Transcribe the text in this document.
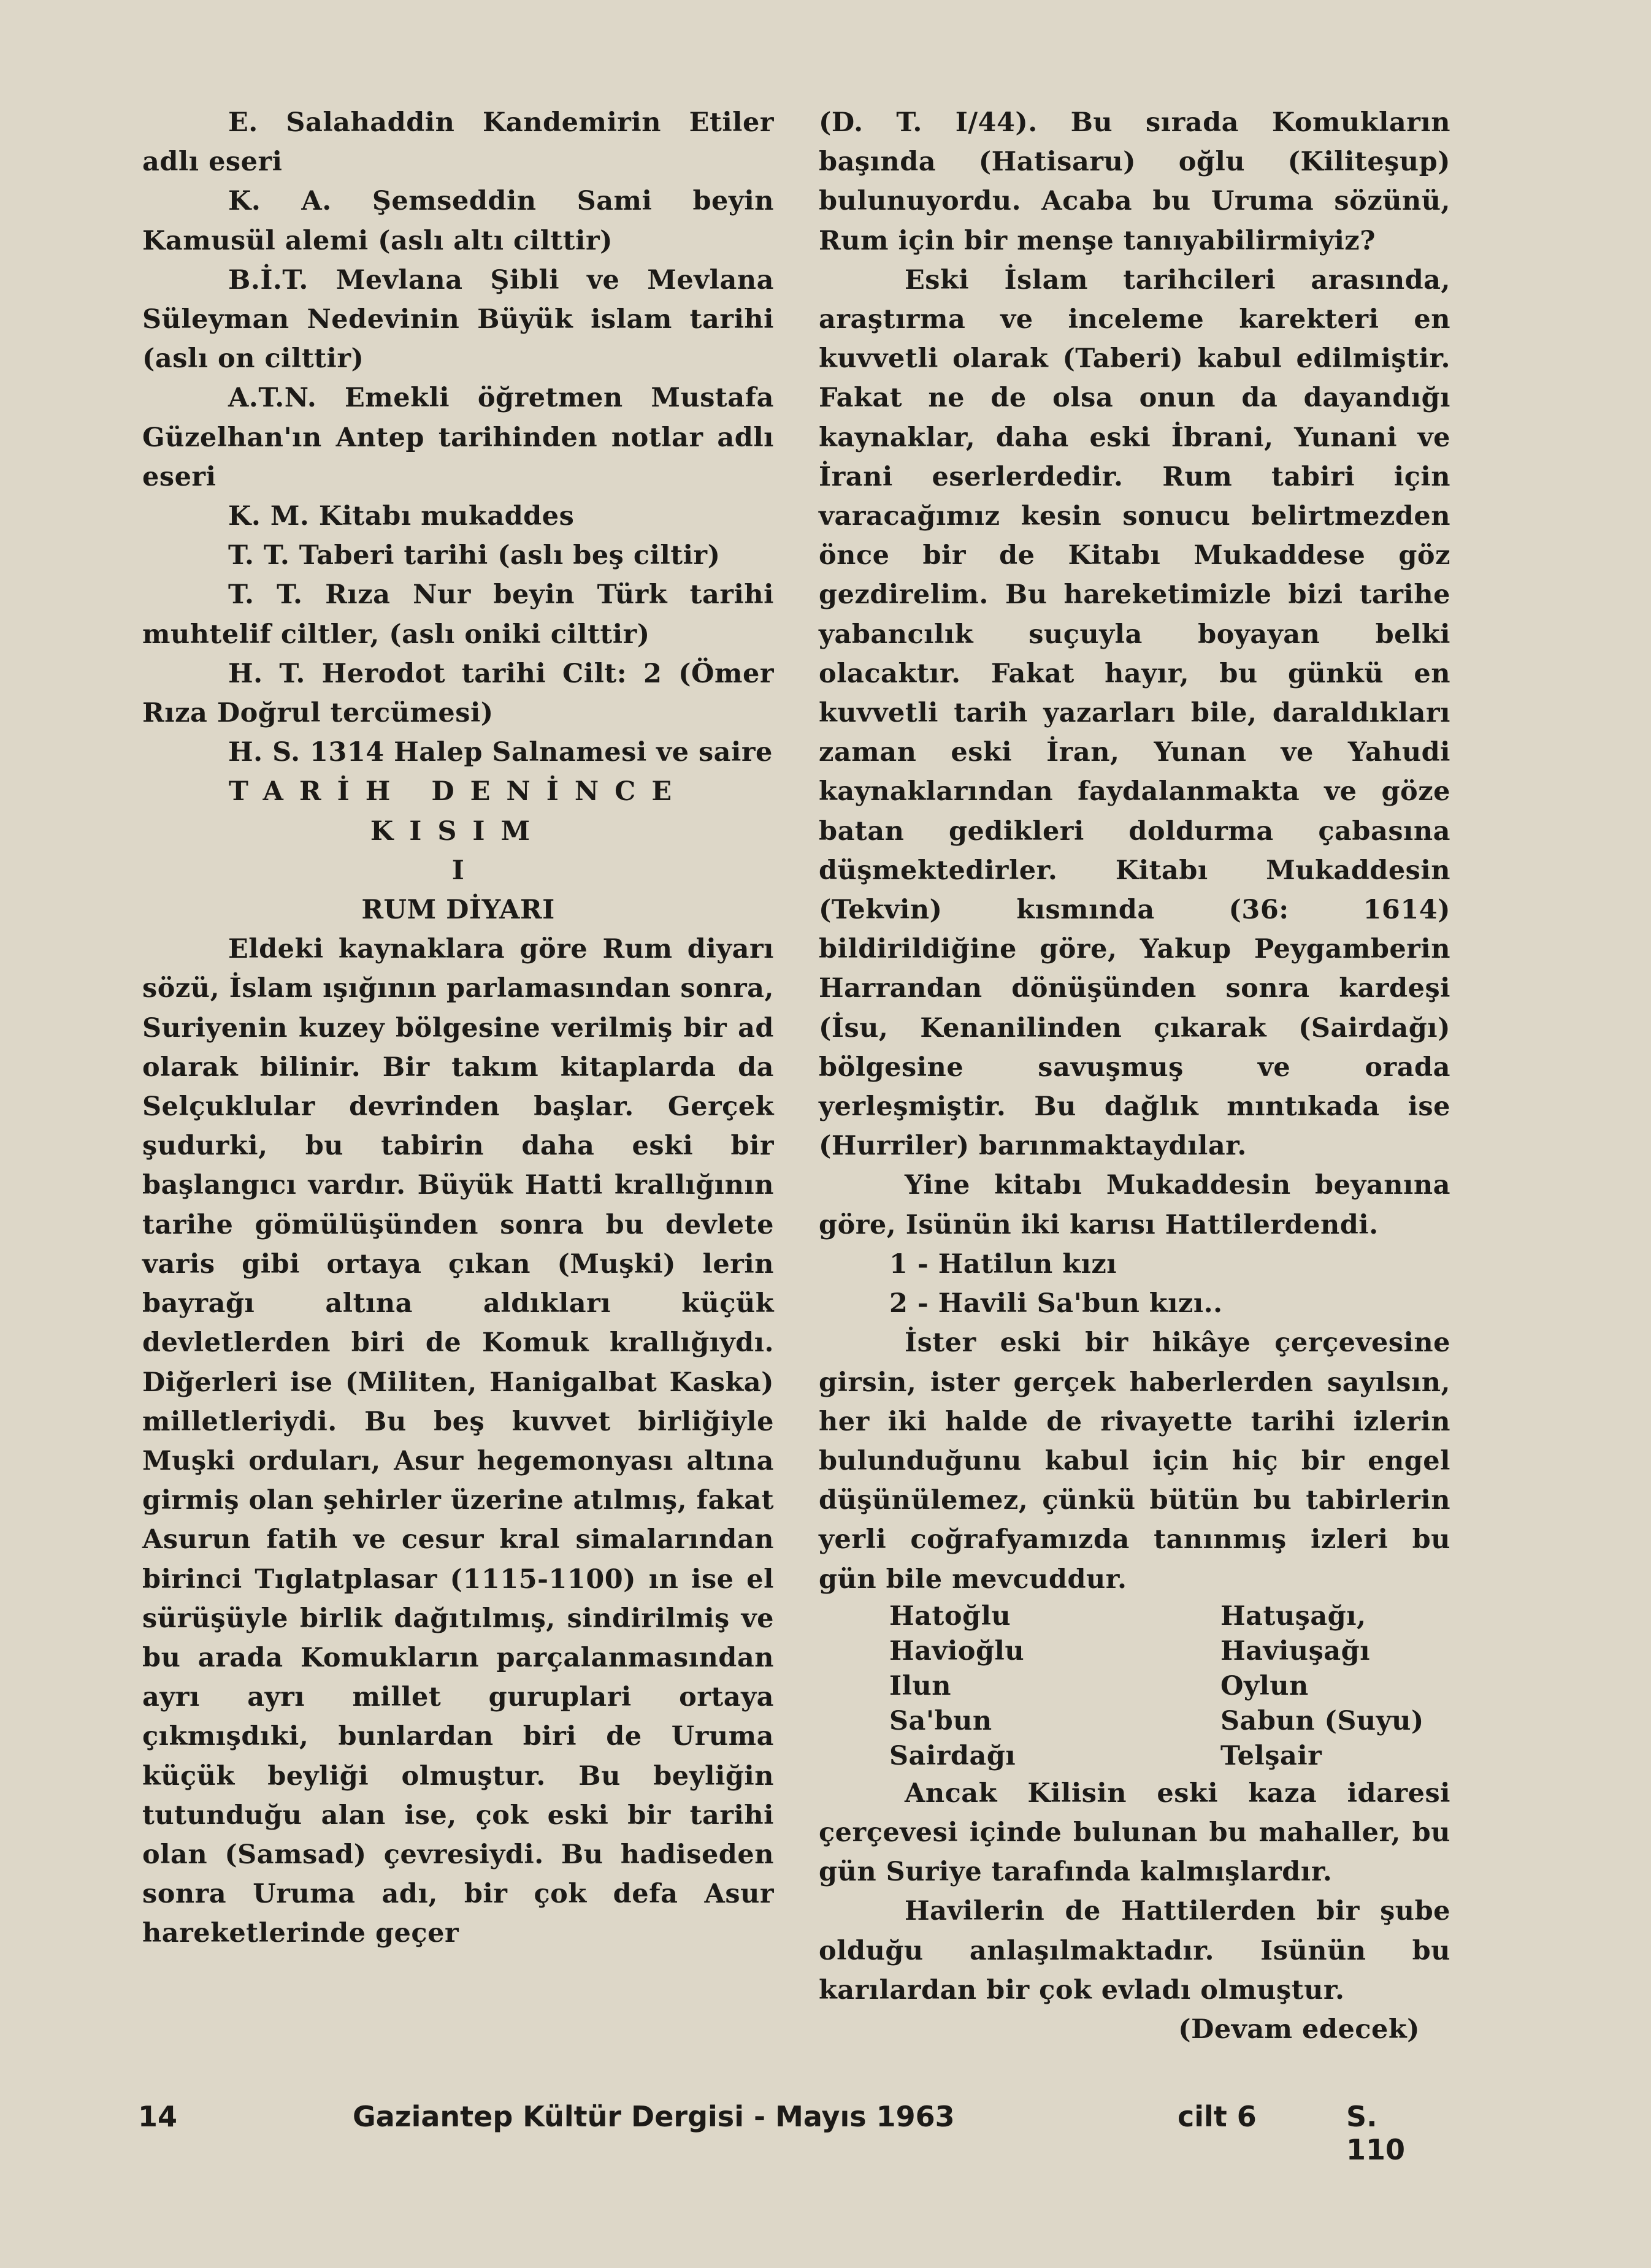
E. Salahaddin Kandemirin Etiler adlı eseri

K. A. Şemseddin Sami beyin Kamusül alemi (aslı altı cilttir)

B.İ.T. Mevlana Şibli ve Mevlana Süleyman Nedevinin Büyük islam tarihi (aslı on cilttir)

A.T.N. Emekli öğretmen Mustafa Güzelhan'ın Antep tarihinden notlar adlı eseri

K. M. Kitabı mukaddes

T. T. Taberi tarihi (aslı beş ciltir)

T. T. Rıza Nur beyin Türk tarihi muhtelif ciltler, (aslı oniki cilttir)

H. T. Herodot tarihi Cilt: 2 (Ömer Rıza Doğrul tercümesi)

H. S. 1314 Halep Salnamesi ve saire

TARİH DENİNCE

KISIM

I

RUM DİYARI

Eldeki kaynaklara göre Rum diyarı sözü, İslam ışığının parlamasından sonra, Suriyenin kuzey bölgesine verilmiş bir ad olarak bilinir. Bir takım kitaplarda da Selçuklular devrinden başlar. Gerçek şudurki, bu tabirin daha eski bir başlangıcı vardır. Büyük Hatti krallığının tarihe gömülüşünden sonra bu devlete varis gibi ortaya çıkan (Muşki) lerin bayrağı altına aldıkları küçük devletlerden biri de Komuk krallığıydı. Diğerleri ise (Militen, Hanigalbat Kaska) milletleriydi. Bu beş kuvvet birliğiyle Muşki orduları, Asur hegemonyası altına girmiş olan şehirler üzerine atılmış, fakat Asurun fatih ve cesur kral simalarından birinci Tıglatplasar (1115-1100) ın ise el sürüşüyle birlik dağıtılmış, sindirilmiş ve bu arada Komukların parçalanmasından ayrı ayrı millet guruplari ortaya çıkmışdıki, bunlardan biri de Uruma küçük beyliği olmuştur. Bu beyliğin tutunduğu alan ise, çok eski bir tarihi olan (Samsad) çevresiydi. Bu hadiseden sonra Uruma adı, bir çok defa Asur hareketlerinde geçer

(D. T. I/44). Bu sırada Komukların başında (Hatisaru) oğlu (Kiliteşup) bulunuyordu. Acaba bu Uruma sözünü, Rum için bir menşe tanıyabilirmiyiz?

Eski İslam tarihcileri arasında, araştırma ve inceleme karekteri en kuvvetli olarak (Taberi) kabul edilmiştir. Fakat ne de olsa onun da dayandığı kaynaklar, daha eski İbrani, Yunani ve İrani eserlerdedir. Rum tabiri için varacağımız kesin sonucu belirtmezden önce bir de Kitabı Mukaddese göz gezdirelim. Bu hareketimizle bizi tarihe yabancılık suçuyla boyayan belki olacaktır. Fakat hayır, bu günkü en kuvvetli tarih yazarları bile, daraldıkları zaman eski İran, Yunan ve Yahudi kaynaklarından faydalanmakta ve göze batan gedikleri doldurma çabasına düşmektedirler. Kitabı Mukaddesin (Tekvin) kısmında (36: 1614) bildirildiğine göre, Yakup Peygamberin Harrandan dönüşünden sonra kardeşi (İsu, Kenanilinden çıkarak (Sairdağı) bölgesine savuşmuş ve orada yerleşmiştir. Bu dağlık mıntıkada ise (Hurriler) barınmaktaydılar.

Yine kitabı Mukaddesin beyanına göre, Isünün iki karısı Hattilerdendi.

1 - Hatilun kızı

2 - Havili Sa'bun kızı..

İster eski bir hikâye çerçevesine girsin, ister gerçek haberlerden sayılsın, her iki halde de rivayette tarihi izlerin bulunduğunu kabul için hiç bir engel düşünülemez, çünkü bütün bu tabirlerin yerli coğrafyamızda tanınmış izleri bu gün bile mevcuddur.

Hatoğlu	Hatuşağı,
Havioğlu	Haviuşağı
Ilun	Oylun
Sa'bun	Sabun (Suyu)
Sairdağı	Telşair

Ancak Kilisin eski kaza idaresi çerçevesi içinde bulunan bu mahaller, bu gün Suriye tarafında kalmışlardır.

Havilerin de Hattilerden bir şube olduğu anlaşılmaktadır. Isünün bu karılardan bir çok evladı olmuştur.

(Devam edecek)

14	Gaziantep Kültür Dergisi - Mayıs 1963	cilt 6	S. 110
